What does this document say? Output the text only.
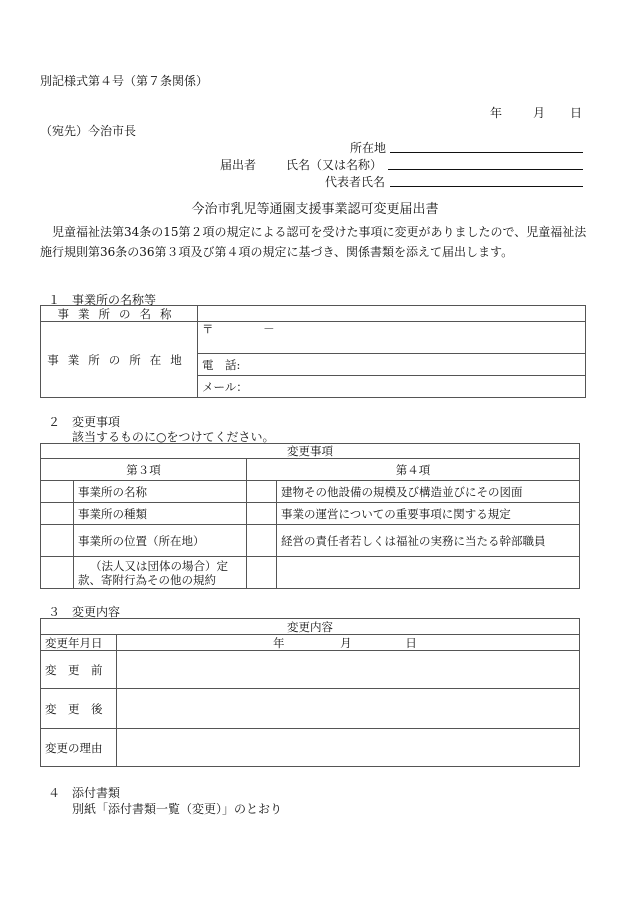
別記様式第４号（第７条関係）
年	月 日
（宛先）今治市長
所在地
届出者 氏名（又は名称）
代表者氏名
今治市乳児等通園支援事業認可変更届出書
児童福祉法第34条の15第２項の規定による認可を受けた事項に変更がありましたので、児童福祉法施行規則第36条の36第３項及び第４項の規定に基づき、関係書類を添えて届出します。
１　事業所の名称等
事業所の名称	
事業所の所在地	〒 －
	電　話:
	メール：
２　変更事項
該当するものに○をつけてください。
変更事項			
第３項		第４項	
	事業所の名称		建物その他設備の規模及び構造並びにその図面
	事業所の種類		事業の運営についての重要事項に関する規定
	事業所の位置（所在地）		経営の責任者若しくは福祉の実務に当たる幹部職員
	（法人又は団体の場合）定款、寄附行為その他の規約		
３　変更内容
変更内容	
変更年月日	年 月 日
変　更　前	
変　更　後	
変更の理由	
４　添付書類
別紙「添付書類一覧（変更）」のとおり
